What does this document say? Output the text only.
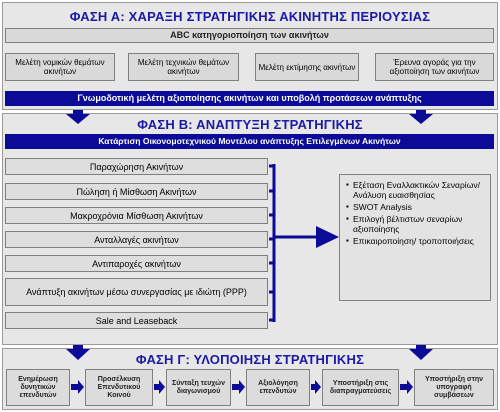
ΦΑΣΗ Α: ΧΑΡΑΞΗ ΣΤΡΑΤΗΓΙΚΗΣ ΑΚΙΝΗΤΗΣ ΠΕΡΙΟΥΣΙΑΣ
ABC κατηγοριοποίηση των ακινήτων
Μελέτη νομικών θεμάτων ακινήτων
Μελέτη τεχνικών θεμάτων ακινήτων	Μελέτη εκτίμησης ακινήτων	Έρευνα αγοράς για την αξιοποίηση των ακινήτων
Γνωμοδοτική μελέτη αξιοποίησης ακινήτων και υποβολή προτάσεων ανάπτυξης
ΦΑΣΗ Β: ΑΝΑΠΤΥΞΗ ΣΤΡΑΤΗΓΙΚΗΣ
Κατάρτιση Οικονομοτεχνικού Μοντέλου ανάπτυξης Επιλεγμένων Ακινήτων
Παραχώρηση Ακινήτων
Πώληση ή Μίσθωση Ακινήτων
Μακροχρόνια Μίσθωση Ακινήτων
Ανταλλαγές ακινήτων
Αντιπαροχές ακινήτων
Ανάπτυξη ακινήτων μέσω συνεργασίας με ιδιώτη (PPP)
Sale and Leaseback
▪ Εξέταση Εναλλακτικών Σεναρίων/ Ανάλυση ευαισθησίας
▪ SWOT Analysis
▪ Επιλογή βέλτιστων σεναρίων αξιοποίησης
▪ Επικαιροποίηση/ τροποποιήσεις
ΦΑΣΗ Γ: ΥΛΟΠΟΙΗΣΗ ΣΤΡΑΤΗΓΙΚΗΣ
Ενημέρωση δυνητικών επενδυτών
Προσέλκυση Επενδυτικού Κοινού
Σύνταξη τευχών διαγωνισμού
Αξιολόγηση επενδυτών
Υποστήριξη στις διαπραγματεύσεις
Υποστήριξη στην υπογραφή συμβάσεων
